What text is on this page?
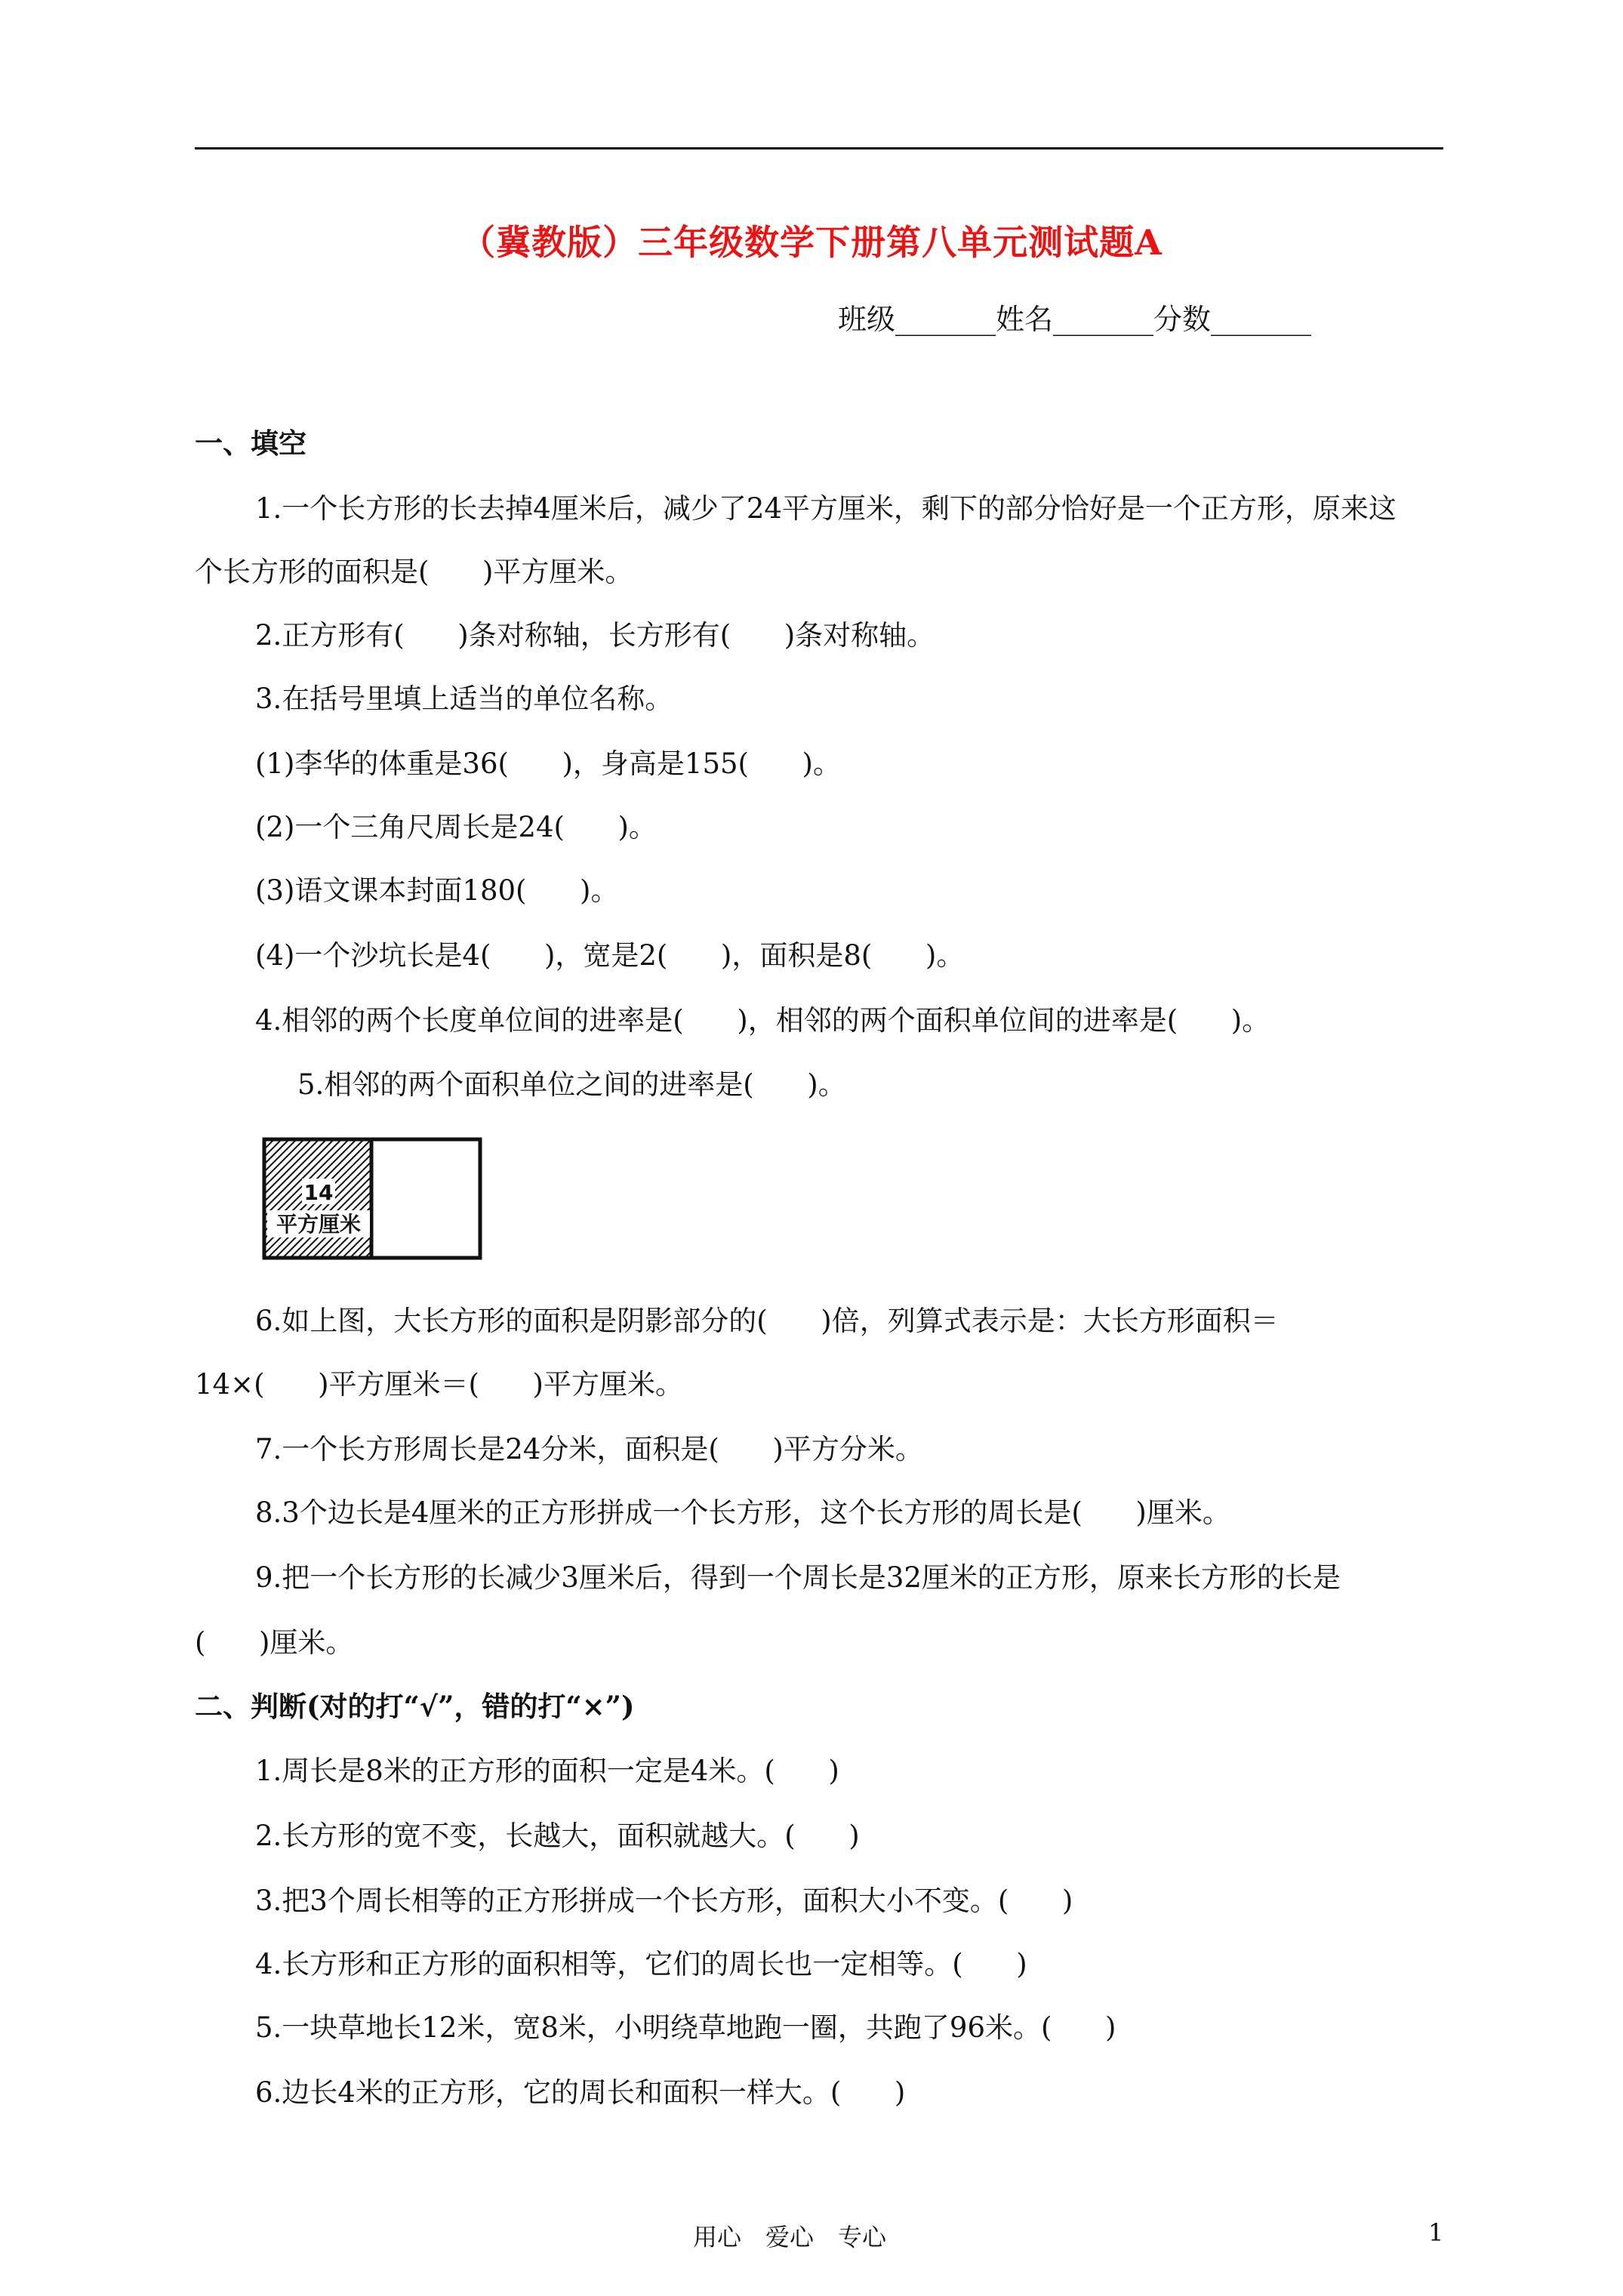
（冀教版）三年级数学下册第八单元测试题A
班级_______姓名_______分数_______
一、填空
1.一个长方形的长去掉4厘米后，减少了24平方厘米，剩下的部分恰好是一个正方形，原来这
个长方形的面积是(      )平方厘米。
2.正方形有(      )条对称轴，长方形有(      )条对称轴。
3.在括号里填上适当的单位名称。
(1)李华的体重是36(      )，身高是155(      )。
(2)一个三角尺周长是24(      )。
(3)语文课本封面180(      )。
(4)一个沙坑长是4(      )，宽是2(      )，面积是8(      )。
4.相邻的两个长度单位间的进率是(      )，相邻的两个面积单位间的进率是(      )。
5.相邻的两个面积单位之间的进率是(      )。
14
平方厘米
6.如上图，大长方形的面积是阴影部分的(      )倍，列算式表示是：大长方形面积＝
14×(      )平方厘米＝(      )平方厘米。
7.一个长方形周长是24分米，面积是(      )平方分米。
8.3个边长是4厘米的正方形拼成一个长方形，这个长方形的周长是(      )厘米。
9.把一个长方形的长减少3厘米后，得到一个周长是32厘米的正方形，原来长方形的长是
(      )厘米。
二、判断(对的打“√”，错的打“×”)
1.周长是8米的正方形的面积一定是4米。(      )
2.长方形的宽不变，长越大，面积就越大。(      )
3.把3个周长相等的正方形拼成一个长方形，面积大小不变。(      )
4.长方形和正方形的面积相等，它们的周长也一定相等。(      )
5.一块草地长12米，宽8米，小明绕草地跑一圈，共跑了96米。(      )
6.边长4米的正方形，它的周长和面积一样大。(      )
用心　爱心　专心	1
